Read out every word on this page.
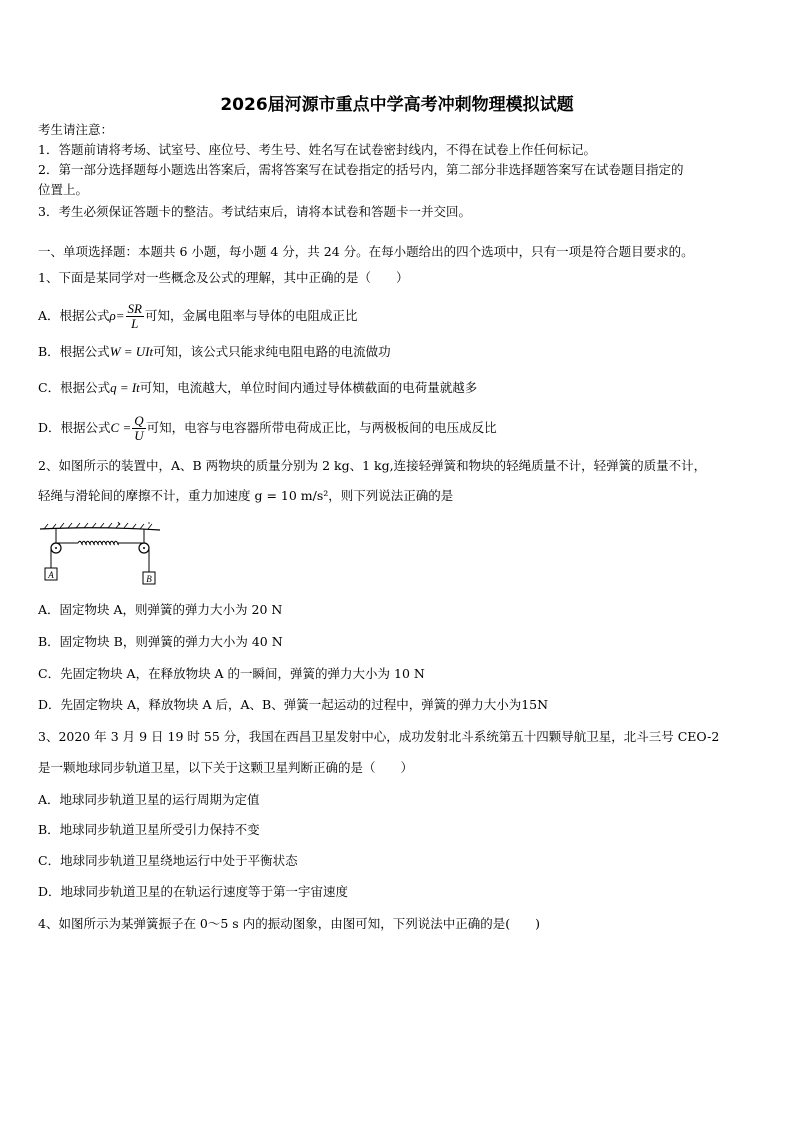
2026届河源市重点中学高考冲刺物理模拟试题
考生请注意：
1．答题前请将考场、试室号、座位号、考生号、姓名写在试卷密封线内，不得在试卷上作任何标记。
2．第一部分选择题每小题选出答案后，需将答案写在试卷指定的括号内，第二部分非选择题答案写在试卷题目指定的
位置上。
3．考生必须保证答题卡的整洁。考试结束后，请将本试卷和答题卡一并交回。
一、单项选择题：本题共 6 小题，每小题 4 分，共 24 分。在每小题给出的四个选项中，只有一项是符合题目要求的。
1、下面是某同学对一些概念及公式的理解，其中正确的是（　　）
A．根据公式$\rho= \frac{SR}{L}$ 可知，金属电阻率与导体的电阻成正比
B．根据公式W = UIt可知，该公式只能求纯电阻电路的电流做功
C．根据公式q = It可知，电流越大，单位时间内通过导体横截面的电荷量就越多
D．根据公式$C = \frac{Q}{U}$ 可知，电容与电容器所带电荷成正比，与两极板间的电压成反比
2、如图所示的装置中，A、B 两物块的质量分别为 2 kg、1 kg,连接轻弹簧和物块的轻绳质量不计，轻弹簧的质量不计，
轻绳与滑轮间的摩擦不计，重力加速度 g = 10 m/s²，则下列说法正确的是
A	B
A．固定物块 A，则弹簧的弹力大小为 20 N
B．固定物块 B，则弹簧的弹力大小为 40 N
C．先固定物块 A，在释放物块 A 的一瞬间，弹簧的弹力大小为 10 N
D．先固定物块 A，释放物块 A 后，A、B、弹簧一起运动的过程中，弹簧的弹力大小为15N
3、2020 年 3 月 9 日 19 时 55 分，我国在西昌卫星发射中心，成功发射北斗系统第五十四颗导航卫星，北斗三号 CEO-2
是一颗地球同步轨道卫星，以下关于这颗卫星判断正确的是（　　）
A．地球同步轨道卫星的运行周期为定值
B．地球同步轨道卫星所受引力保持不变
C．地球同步轨道卫星绕地运行中处于平衡状态
D．地球同步轨道卫星的在轨运行速度等于第一宇宙速度
4、如图所示为某弹簧振子在 0～5 s 内的振动图象，由图可知，下列说法中正确的是(　　)
